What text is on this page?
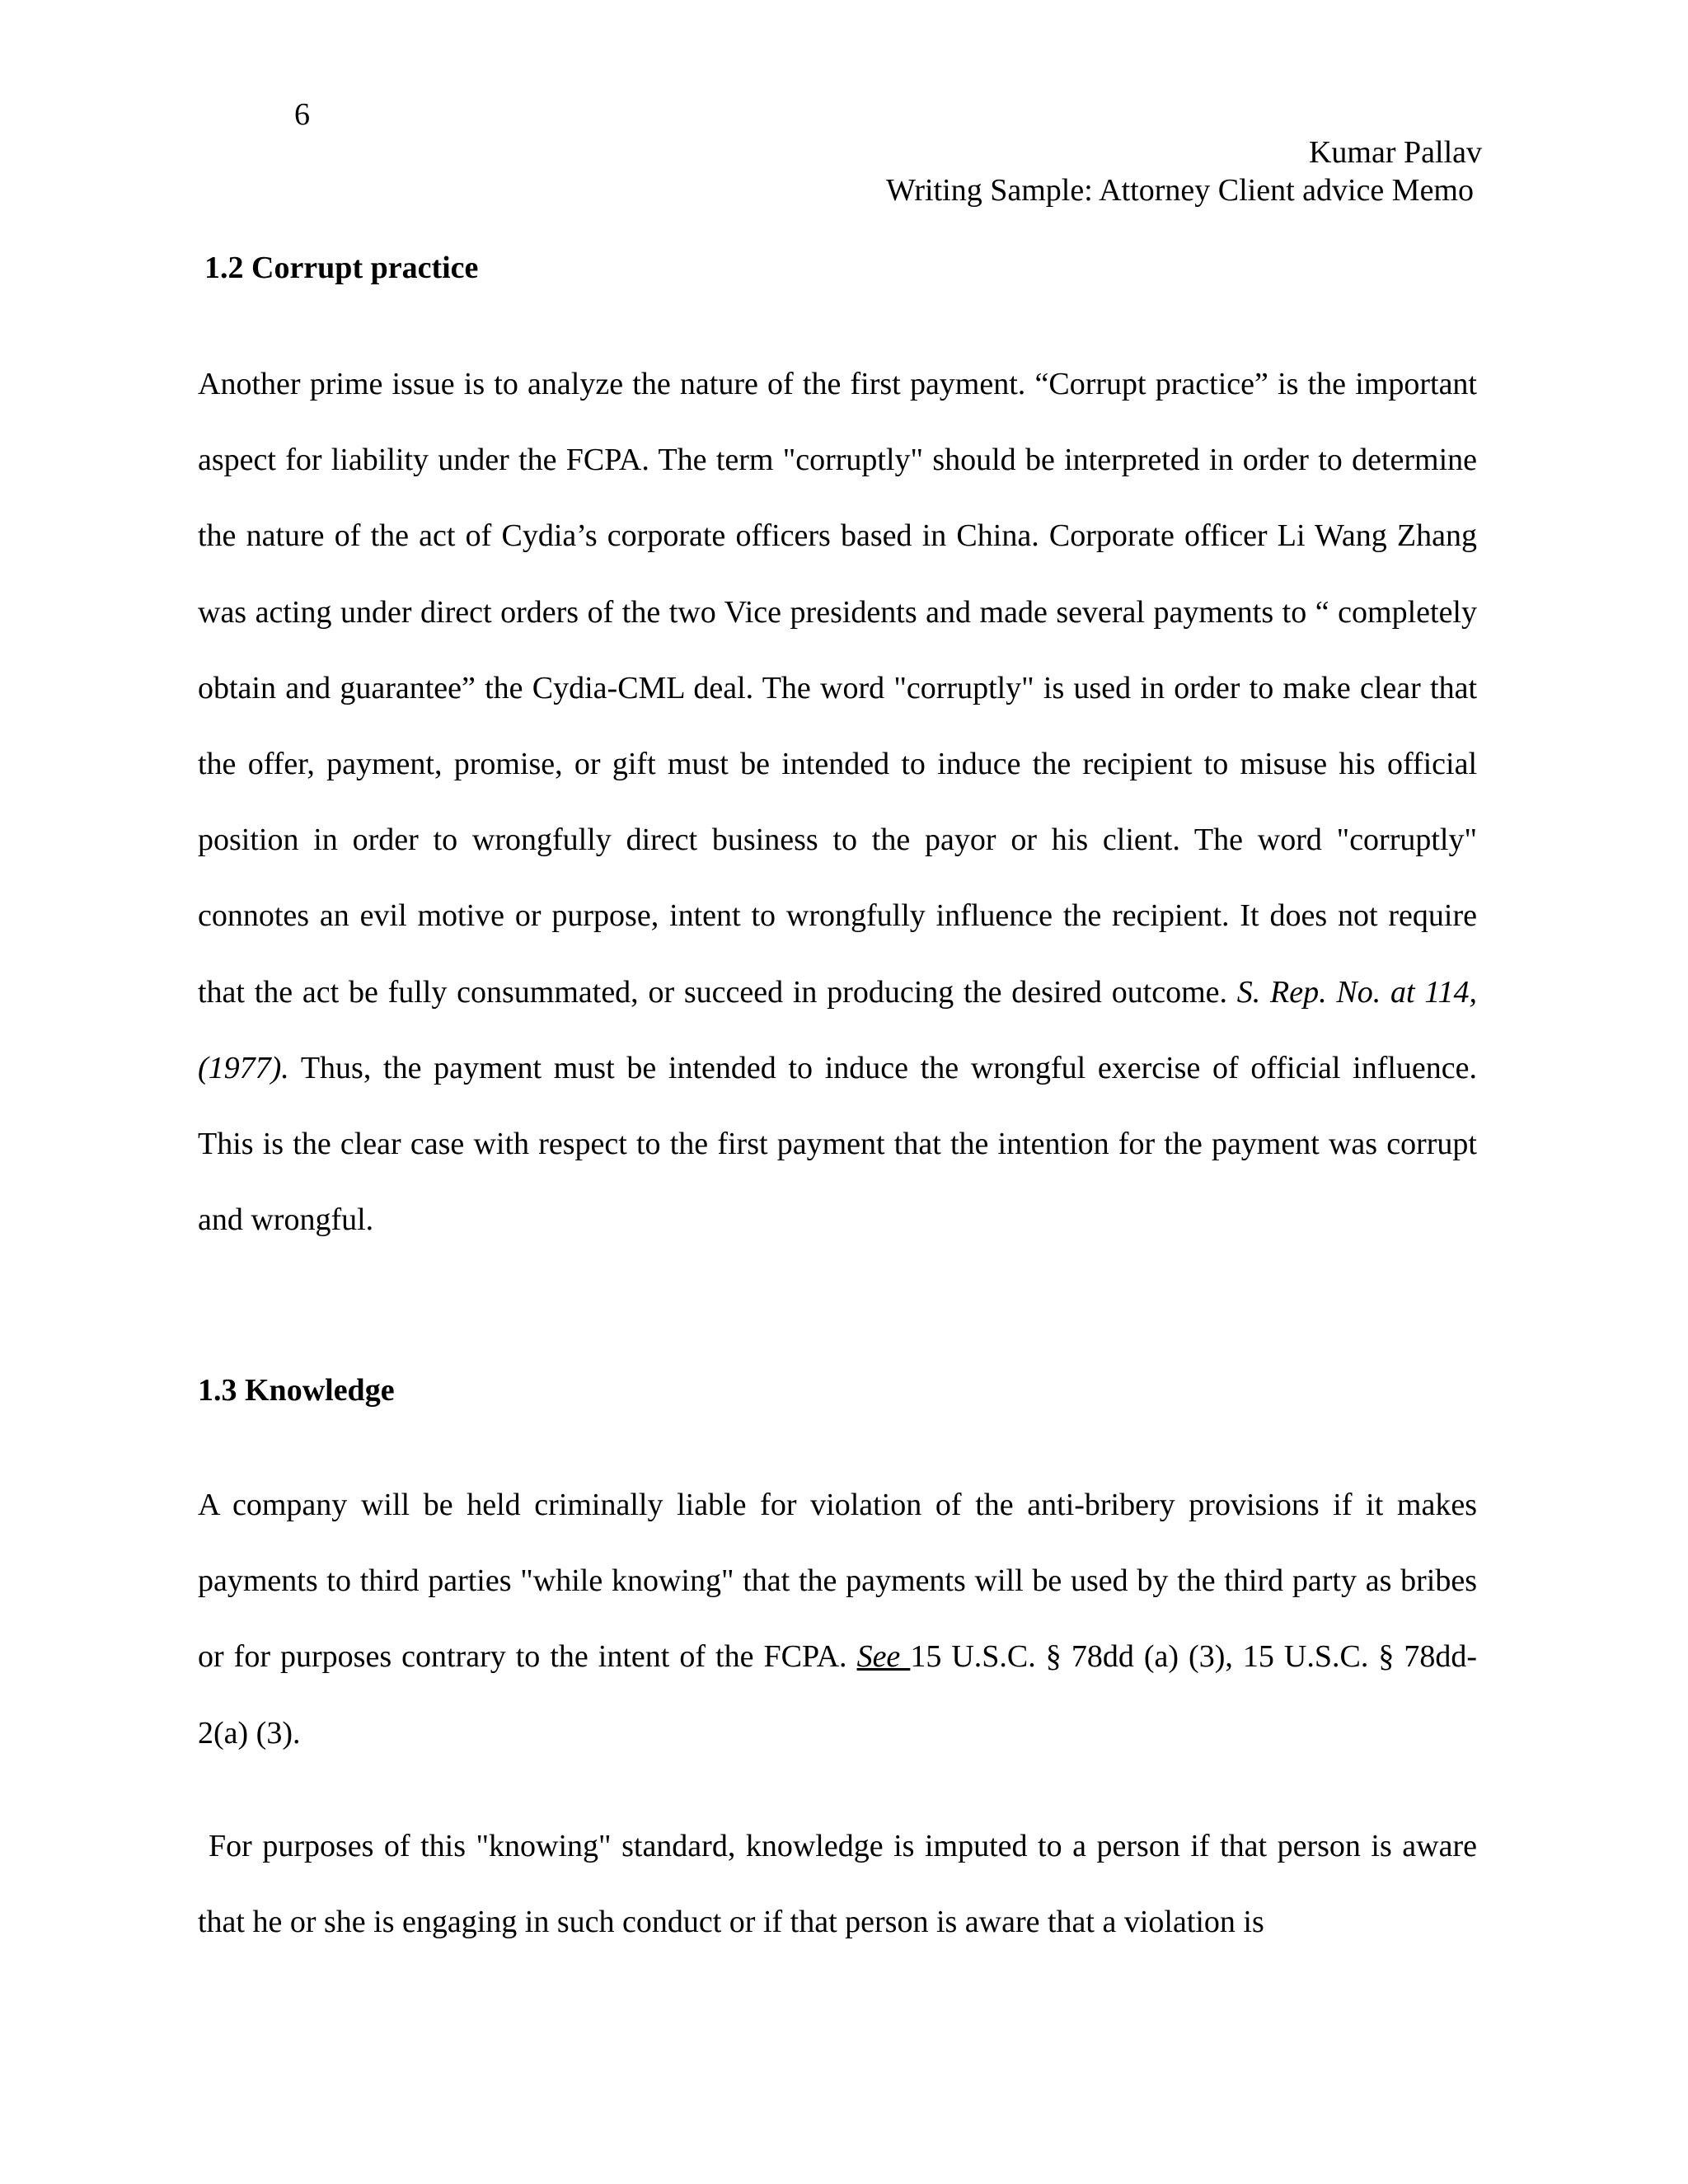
6
Kumar Pallav
Writing Sample: Attorney Client advice Memo
1.2 Corrupt practice

Another prime issue is to analyze the nature of the first payment. “Corrupt practice” is the important aspect for liability under the FCPA. The term "corruptly" should be interpreted in order to determine the nature of the act of Cydia’s corporate officers based in China. Corporate officer Li Wang Zhang was acting under direct orders of the two Vice presidents and made several payments to “ completely obtain and guarantee” the Cydia-CML deal. The word "corruptly" is used in order to make clear that the offer, payment, promise, or gift must be intended to induce the recipient to misuse his official position in order to wrongfully direct business to the payor or his client. The word "corruptly" connotes an evil motive or purpose, intent to wrongfully influence the recipient. It does not require that the act be fully consummated, or succeed in producing the desired outcome. S. Rep. No. at 114, (1977). Thus, the payment must be intended to induce the wrongful exercise of official influence. This is the clear case with respect to the first payment that the intention for the payment was corrupt and wrongful.

1.3 Knowledge

A company will be held criminally liable for violation of the anti-bribery provisions if it makes payments to third parties "while knowing" that the payments will be used by the third party as bribes or for purposes contrary to the intent of the FCPA. See 15 U.S.C. § 78dd (a) (3), 15 U.S.C. § 78dd-2(a) (3).

For purposes of this "knowing" standard, knowledge is imputed to a person if that person is aware that he or she is engaging in such conduct or if that person is aware that a violation is
